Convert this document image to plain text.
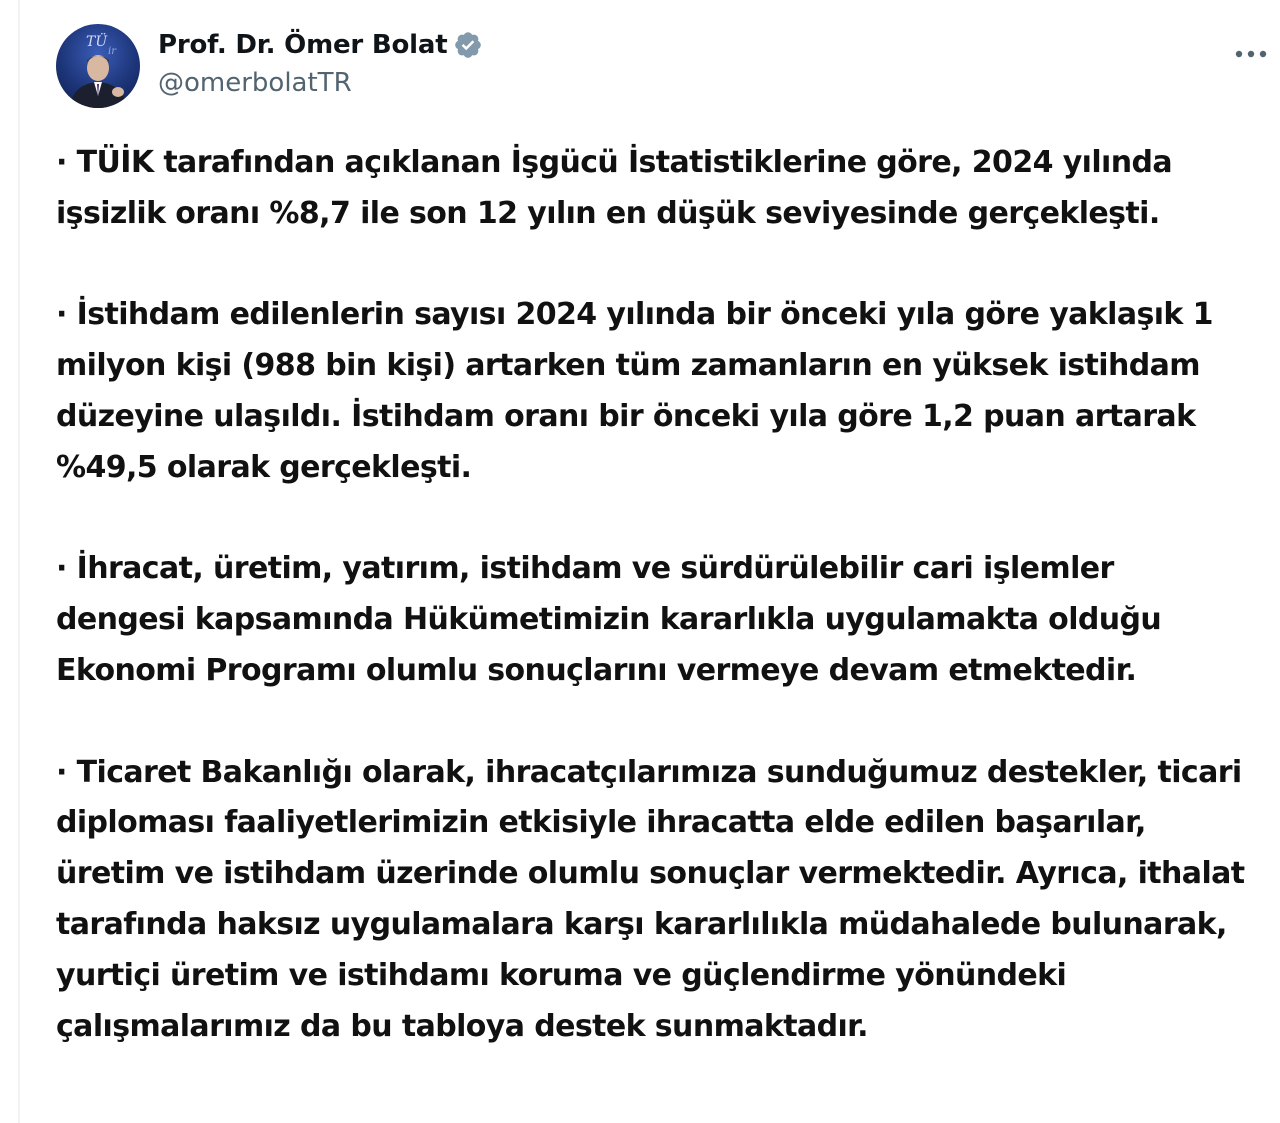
TÜ
ir Prof. Dr. Ömer Bolat
@omerbolatTR

· TÜİK tarafından açıklanan İşgücü İstatistiklerine göre, 2024 yılında işsizlik oranı %8,7 ile son 12 yılın en düşük seviyesinde gerçekleşti.

· İstihdam edilenlerin sayısı 2024 yılında bir önceki yıla göre yaklaşık 1 milyon kişi (988 bin kişi) artarken tüm zamanların en yüksek istihdam düzeyine ulaşıldı. İstihdam oranı bir önceki yıla göre 1,2 puan artarak %49,5 olarak gerçekleşti.

· İhracat, üretim, yatırım, istihdam ve sürdürülebilir cari işlemler dengesi kapsamında Hükümetimizin kararlıkla uygulamakta olduğu Ekonomi Programı olumlu sonuçlarını vermeye devam etmektedir.

· Ticaret Bakanlığı olarak, ihracatçılarımıza sunduğumuz destekler, ticari diploması faaliyetlerimizin etkisiyle ihracatta elde edilen başarılar, üretim ve istihdam üzerinde olumlu sonuçlar vermektedir. Ayrıca, ithalat tarafında haksız uygulamalara karşı kararlılıkla müdahalede bulunarak, yurtiçi üretim ve istihdamı koruma ve güçlendirme yönündeki çalışmalarımız da bu tabloya destek sunmaktadır.
